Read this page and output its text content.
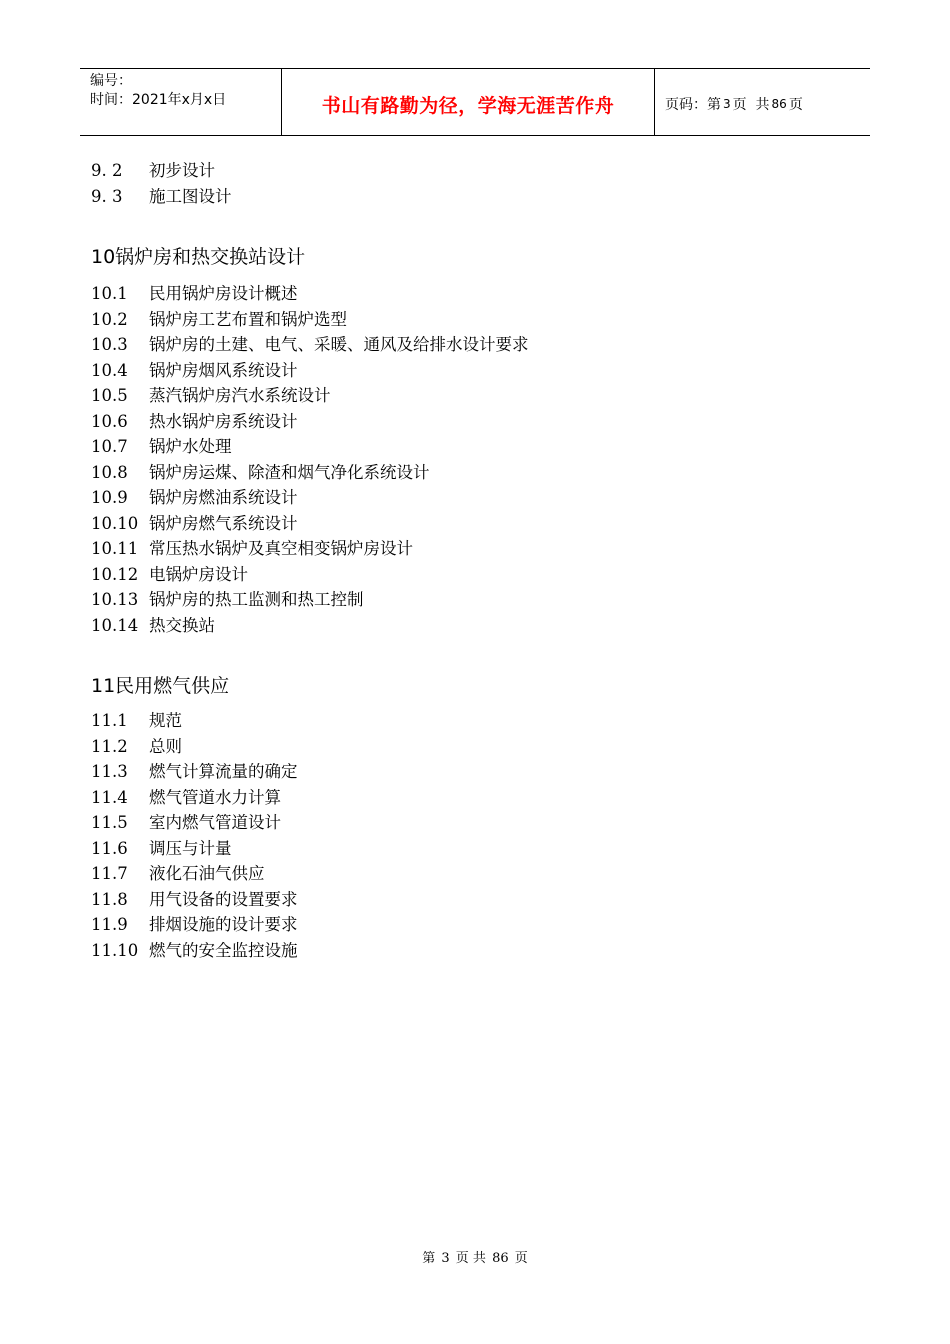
编号：
时间：2021年x月x日	书山有路勤为径，学海无涯苦作舟	页码：第 3 页  共 86 页
9. 2	初步设计
9. 3	施工图设计
10锅炉房和热交换站设计
10.1	民用锅炉房设计概述
10.2	锅炉房工艺布置和锅炉选型
10.3	锅炉房的土建、电气、采暖、通风及给排水设计要求
10.4	锅炉房烟风系统设计
10.5	蒸汽锅炉房汽水系统设计
10.6	热水锅炉房系统设计
10.7	锅炉水处理
10.8	锅炉房运煤、除渣和烟气净化系统设计
10.9	锅炉房燃油系统设计
10.10 锅炉房燃气系统设计
10.11 常压热水锅炉及真空相变锅炉房设计
10.12 电锅炉房设计
10.13 锅炉房的热工监测和热工控制
10.14 热交换站
11民用燃气供应
11.1	规范
11.2	总则
11.3	燃气计算流量的确定
11.4	燃气管道水力计算
11.5	室内燃气管道设计
11.6	调压与计量
11.7	液化石油气供应
11.8	用气设备的设置要求
11.9	排烟设施的设计要求
11.10 燃气的安全监控设施
第 3 页 共 86 页
